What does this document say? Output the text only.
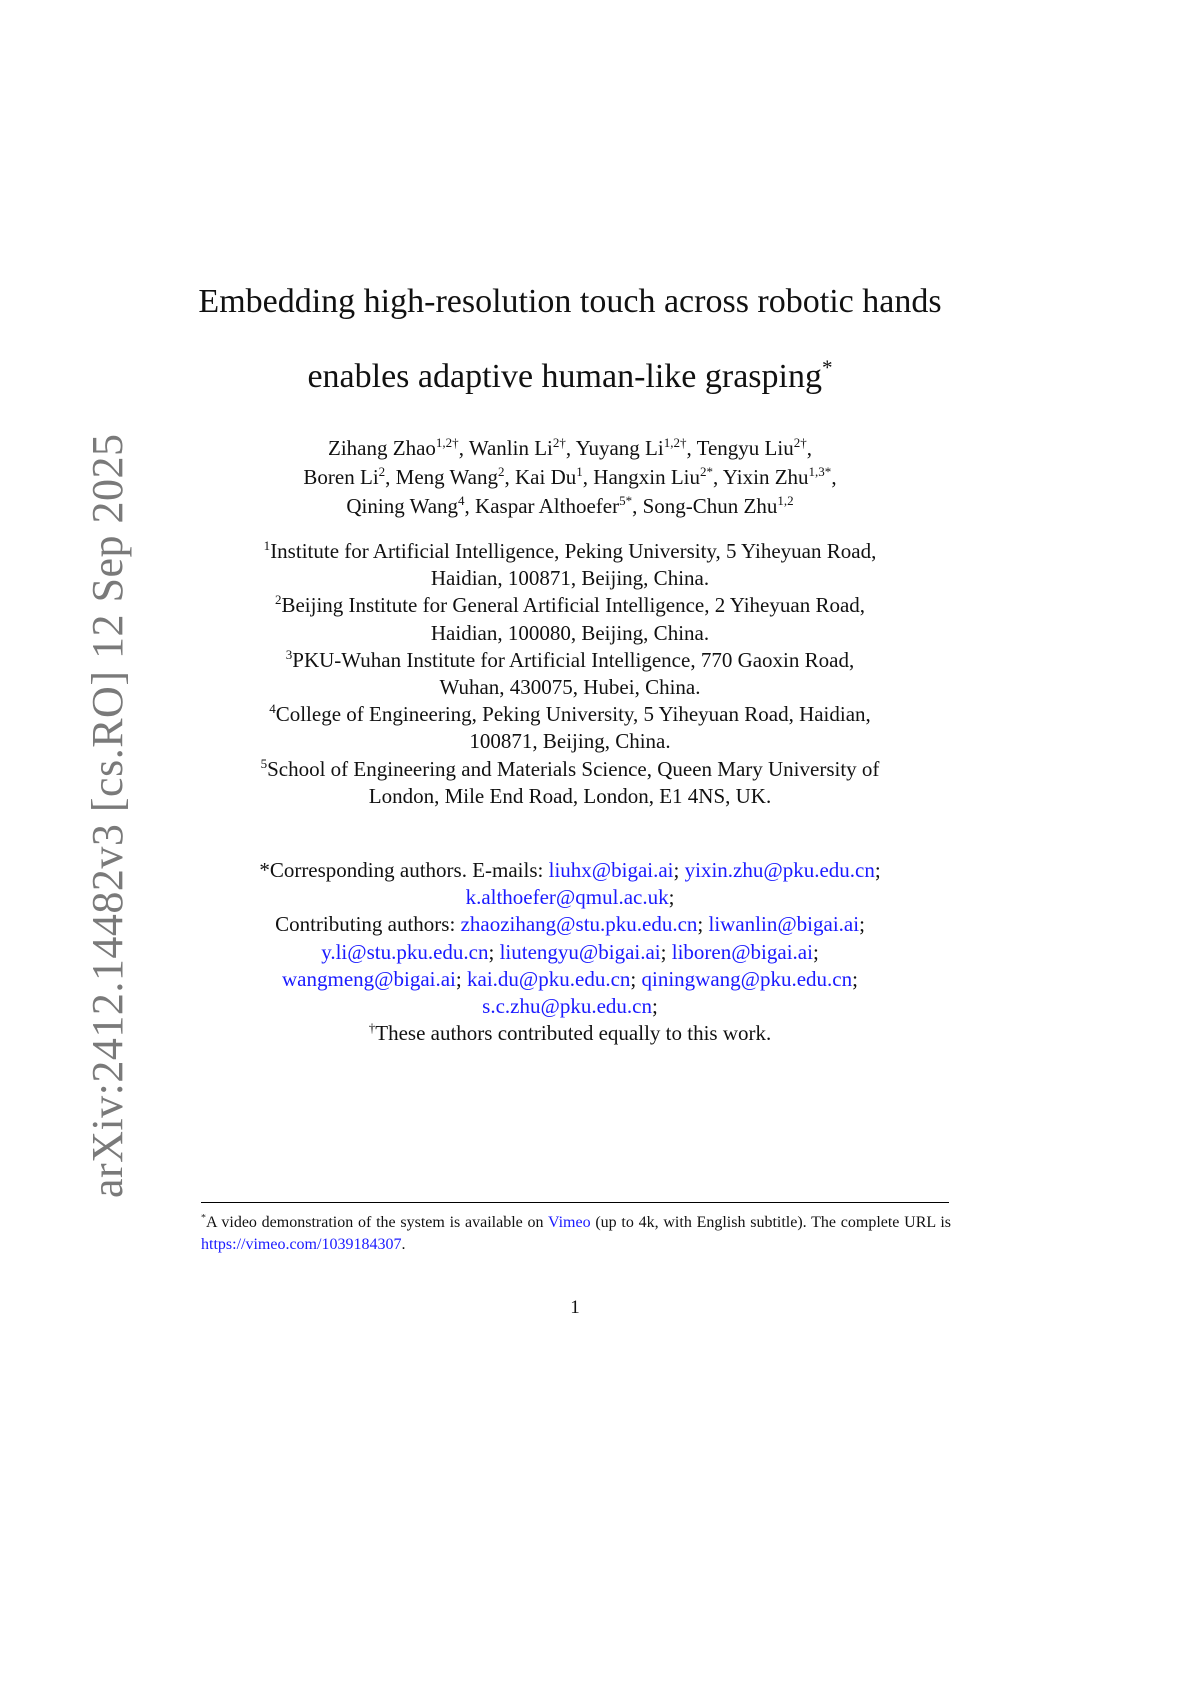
arXiv:2412.14482v3 [cs.RO] 12 Sep 2025
Embedding high-resolution touch across robotic hands
enables adaptive human-like grasping*
Zihang Zhao$^{1,2\dagger}$, Wanlin $Li^{2\dagger}$, Yuyang $Li^{1,2\dagger}$, Tengyu Liu$^{2\dagger}$,
Boren Li$^2$, Meng Wang$^2$, Kai Du$^1$, Hangxin Liu$^{2*}$, Yixin Zhu$^{1,3*}$,
Qining Wang$^4$, Kaspar Althoefer$^{5*}$, Song-Chun Zhu$^{1,2}$
$^1$Institute for Artificial Intelligence, Peking University, 5 Yiheyuan Road,
Haidian, 100871, Beijing, China.
$^2$Beijing Institute for General Artificial Intelligence, 2 Yiheyuan Road,
Haidian, 100080, Beijing, China.
$^3$PKU-Wuhan Institute for Artificial Intelligence, 770 Gaoxin Road,
Wuhan, 430075, Hubei, China.
$^4$College of Engineering, Peking University, 5 Yiheyuan Road, Haidian,
100871, Beijing, China.
$^5$School of Engineering and Materials Science, Queen Mary University of
London, Mile End Road, London, E1 4NS, UK.
*Corresponding authors. E-mails: liuhx@bigai.ai; yixin.zhu@pku.edu.cn;
k.althoefer@qmul.ac.uk;
Contributing authors: zhaozihang@stu.pku.edu.cn; liwanlin@bigai.ai;
y.li@stu.pku.edu.cn; liutengyu@bigai.ai; liboren@bigai.ai;
wangmeng@bigai.ai; kai.du@pku.edu.cn; qiningwang@pku.edu.cn;
s.c.zhu@pku.edu.cn;
†These authors contributed equally to this work.
*A video demonstration of the system is available on Vimeo (up to 4k, with English subtitle). The complete URL is https://vimeo.com/1039184307.
1
